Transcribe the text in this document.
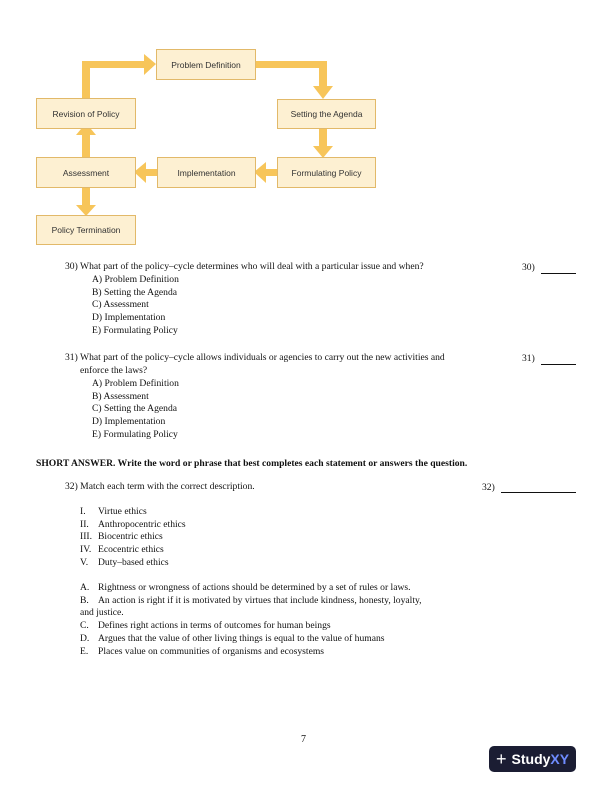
Problem Definition
Setting the Agenda
Formulating Policy
Implementation
Assessment
Revision of Policy
Policy Termination
30) What part of the policy–cycle determines who will deal with a particular issue and when?	30)
A) Problem Definition
B) Setting the Agenda
C) Assessment
D) Implementation
E) Formulating Policy
31) What part of the policy–cycle allows individuals or agencies to carry out the new activities and
enforce the laws?
31)
A) Problem Definition
B) Assessment
C) Setting the Agenda
D) Implementation
E) Formulating Policy
SHORT ANSWER. Write the word or phrase that best completes each statement or answers the question.
32) Match each term with the correct description.	32)
I. Virtue ethics
II. Anthropocentric ethics
III. Biocentric ethics
IV. Ecocentric ethics
V. Duty–based ethics
A. Rightness or wrongness of actions should be determined by a set of rules or laws.
B. An action is right if it is motivated by virtues that include kindness, honesty, loyalty,
and justice.
C. Defines right actions in terms of outcomes for human beings
D. Argues that the value of other living things is equal to the value of humans
E. Places value on communities of organisms and ecosystems
7
+ Study XY
